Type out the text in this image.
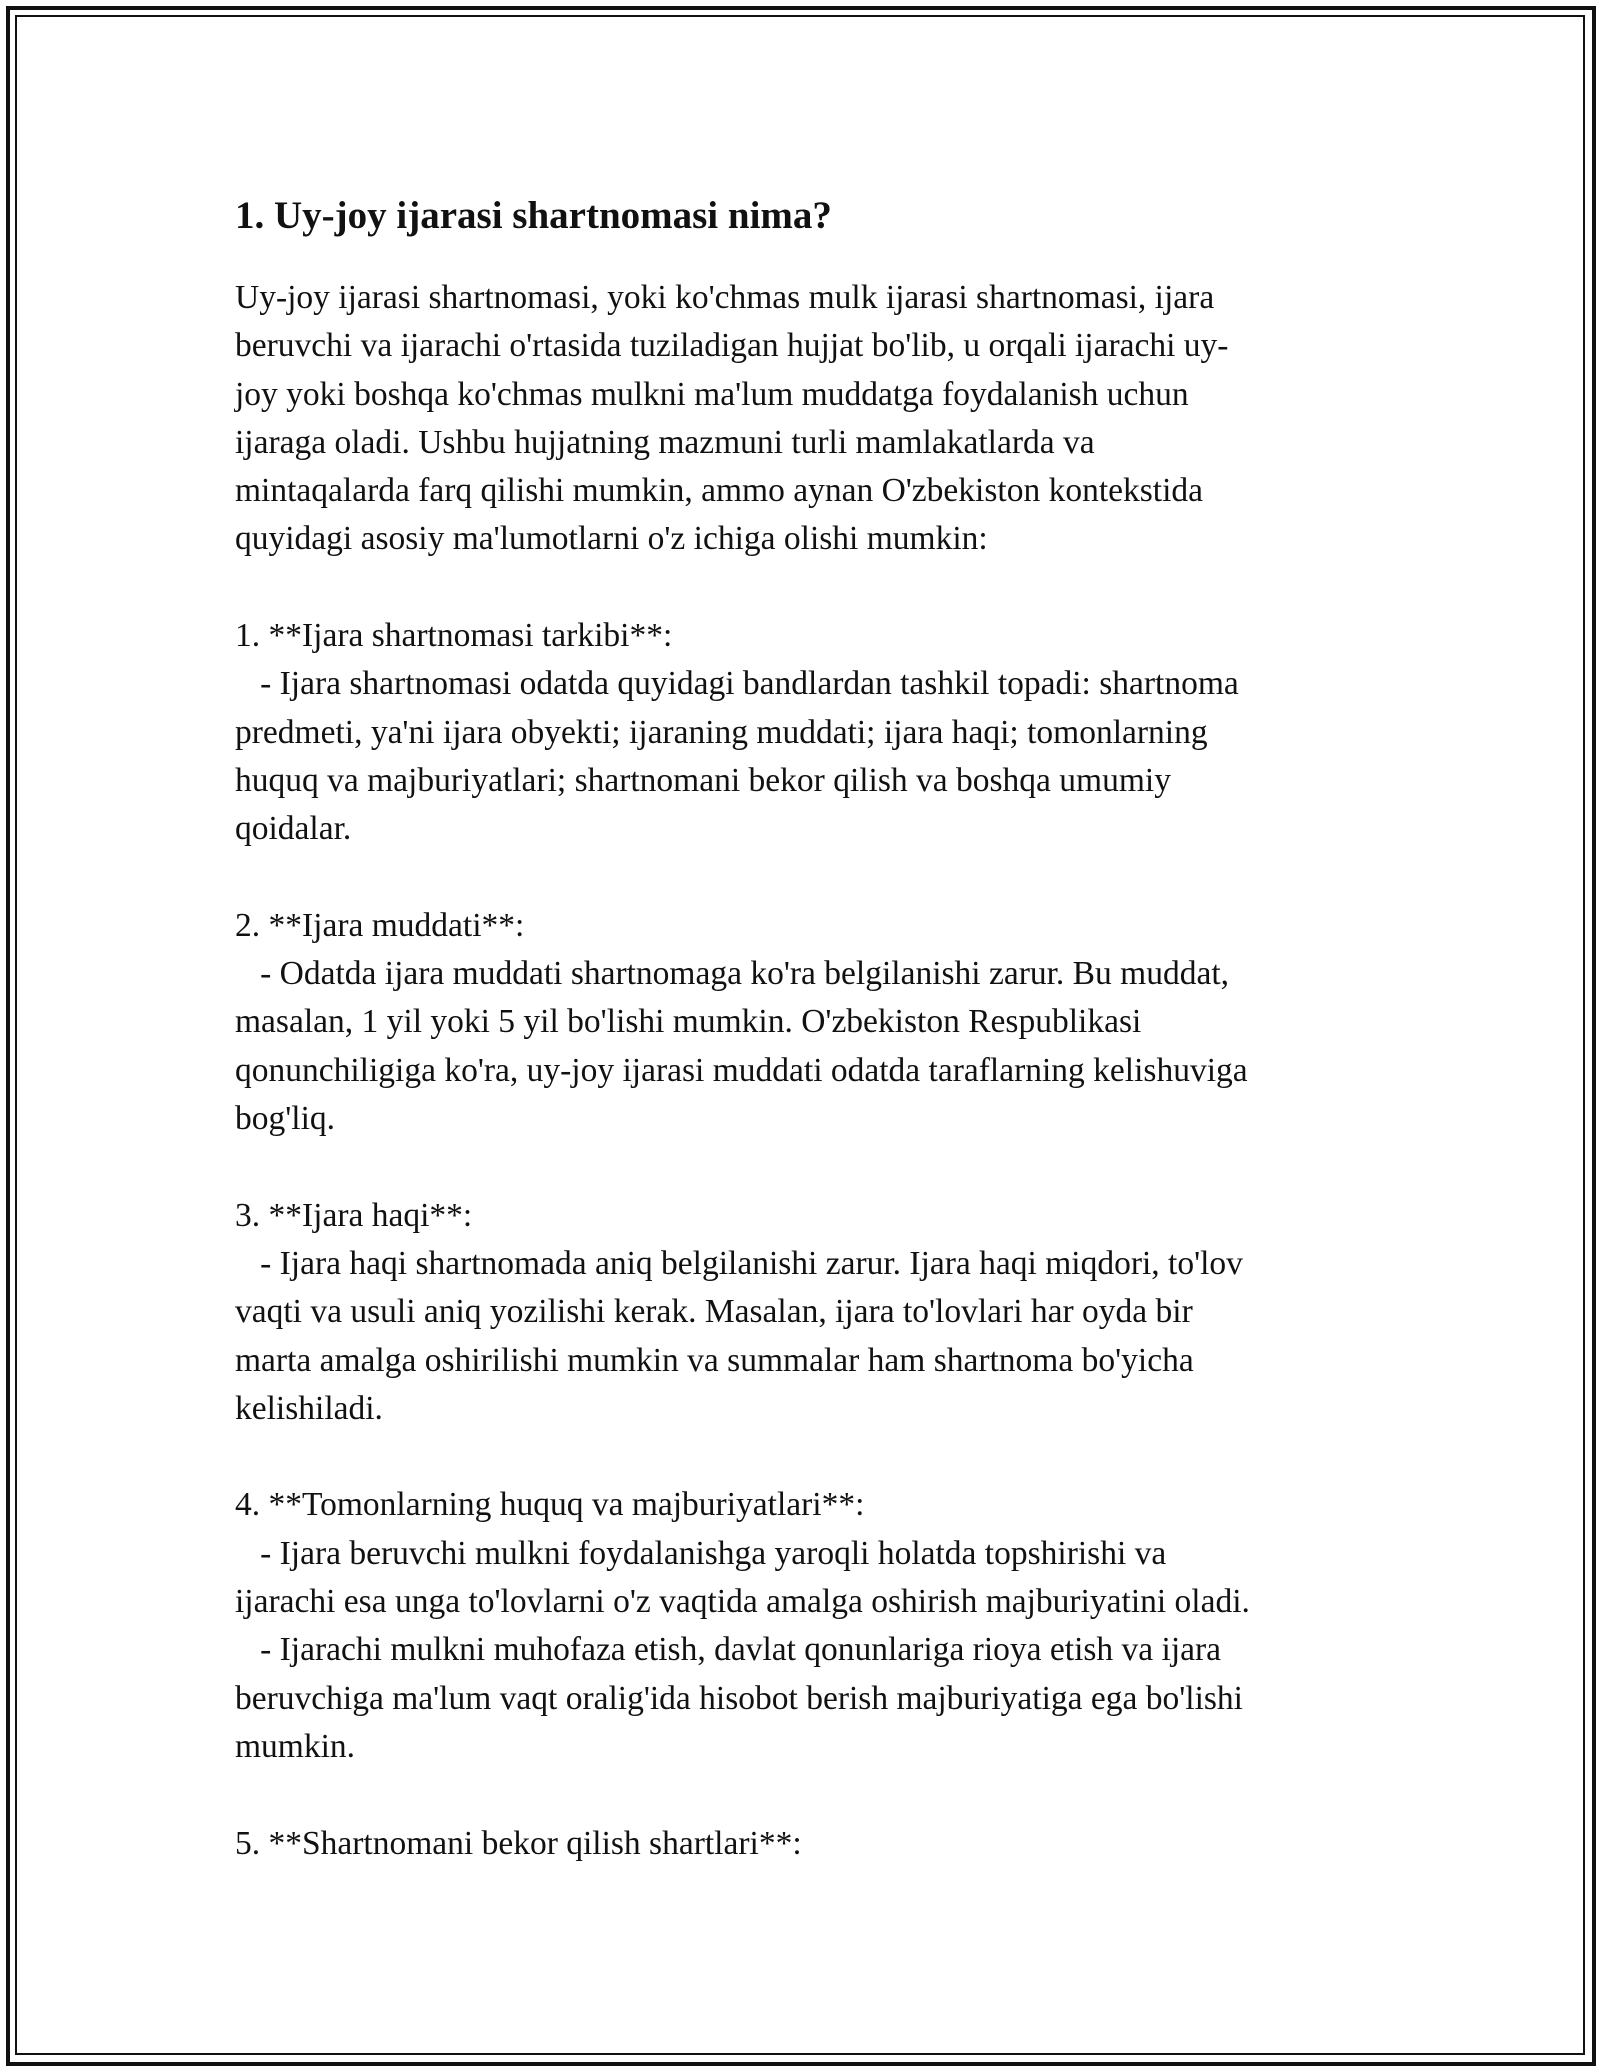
1. Uy-joy ijarasi shartnomasi nima?

Uy-joy ijarasi shartnomasi, yoki ko'chmas mulk ijarasi shartnomasi, ijara
beruvchi va ijarachi o'rtasida tuziladigan hujjat bo'lib, u orqali ijarachi uy-
joy yoki boshqa ko'chmas mulkni ma'lum muddatga foydalanish uchun
ijaraga oladi. Ushbu hujjatning mazmuni turli mamlakatlarda va
mintaqalarda farq qilishi mumkin, ammo aynan O'zbekiston kontekstida
quyidagi asosiy ma'lumotlarni o'z ichiga olishi mumkin:

1. **Ijara shartnomasi tarkibi**:

- Ijara shartnomasi odatda quyidagi bandlardan tashkil topadi: shartnoma
predmeti, ya'ni ijara obyekti; ijaraning muddati; ijara haqi; tomonlarning
huquq va majburiyatlari; shartnomani bekor qilish va boshqa umumiy
qoidalar.

2. **Ijara muddati**:

- Odatda ijara muddati shartnomaga ko'ra belgilanishi zarur. Bu muddat,
masalan, 1 yil yoki 5 yil bo'lishi mumkin. O'zbekiston Respublikasi
qonunchiligiga ko'ra, uy-joy ijarasi muddati odatda taraflarning kelishuviga
bog'liq.

3. **Ijara haqi**:

- Ijara haqi shartnomada aniq belgilanishi zarur. Ijara haqi miqdori, to'lov
vaqti va usuli aniq yozilishi kerak. Masalan, ijara to'lovlari har oyda bir
marta amalga oshirilishi mumkin va summalar ham shartnoma bo'yicha
kelishiladi.

4. **Tomonlarning huquq va majburiyatlari**:

- Ijara beruvchi mulkni foydalanishga yaroqli holatda topshirishi va
ijarachi esa unga to'lovlarni o'z vaqtida amalga oshirish majburiyatini oladi.
- Ijarachi mulkni muhofaza etish, davlat qonunlariga rioya etish va ijara
beruvchiga ma'lum vaqt oralig'ida hisobot berish majburiyatiga ega bo'lishi
mumkin.

5. **Shartnomani bekor qilish shartlari**:
